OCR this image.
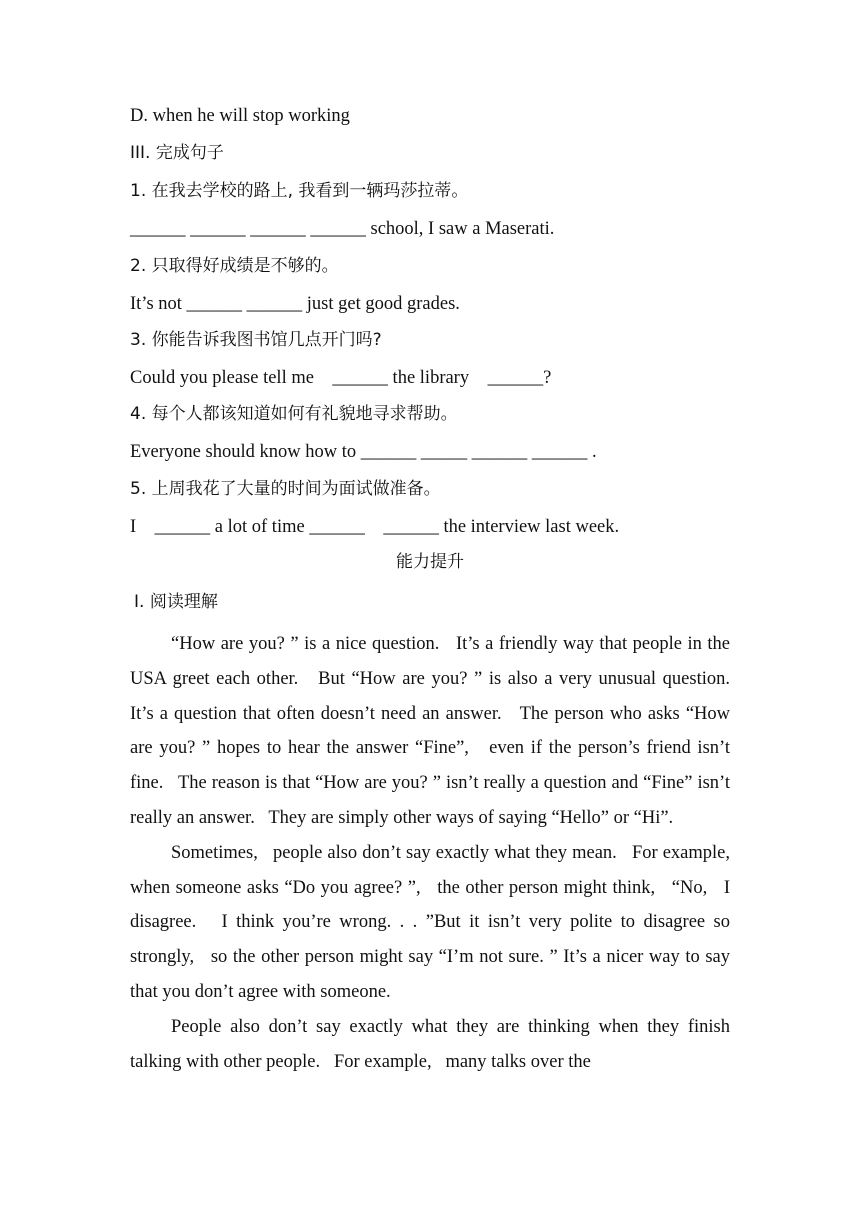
D. when he will stop working
III. 完成句子
1. 在我去学校的路上, 我看到一辆玛莎拉蒂。
______ ______ ______ ______ school, I saw a Maserati.
2. 只取得好成绩是不够的。
It’s not ______ ______ just get good grades.
3. 你能告诉我图书馆几点开门吗?
Could you please tell me    ______ the library    ______?
4. 每个人都该知道如何有礼貌地寻求帮助。
Everyone should know how to ______ _____ ______ ______ .
5. 上周我花了大量的时间为面试做准备。
I    ______ a lot of time ______    ______ the interview last week.
能力提升
Ⅰ. 阅读理解

“How are you? ” is a nice question.   It’s a friendly way that people in the USA greet each other.   But “How are you? ” is also a very unusual question.   It’s a question that often doesn’t need an answer.   The person who asks “How are you? ” hopes to hear the answer “Fine”,   even if the person’s friend isn’t fine.   The reason is that “How are you? ” isn’t really a question and “Fine” isn’t really an answer.   They are simply other ways of saying “Hello” or “Hi”.

Sometimes,   people also don’t say exactly what they mean.   For example,   when someone asks “Do you agree? ”,   the other person might think,   “No,   I disagree.   I think you’re wrong. . . ”But it isn’t very polite to disagree so strongly,   so the other person might say “I’m not sure. ” It’s a nicer way to say that you don’t agree with someone.

People also don’t say exactly what they are thinking when they finish talking with other people.   For example,   many talks over the
